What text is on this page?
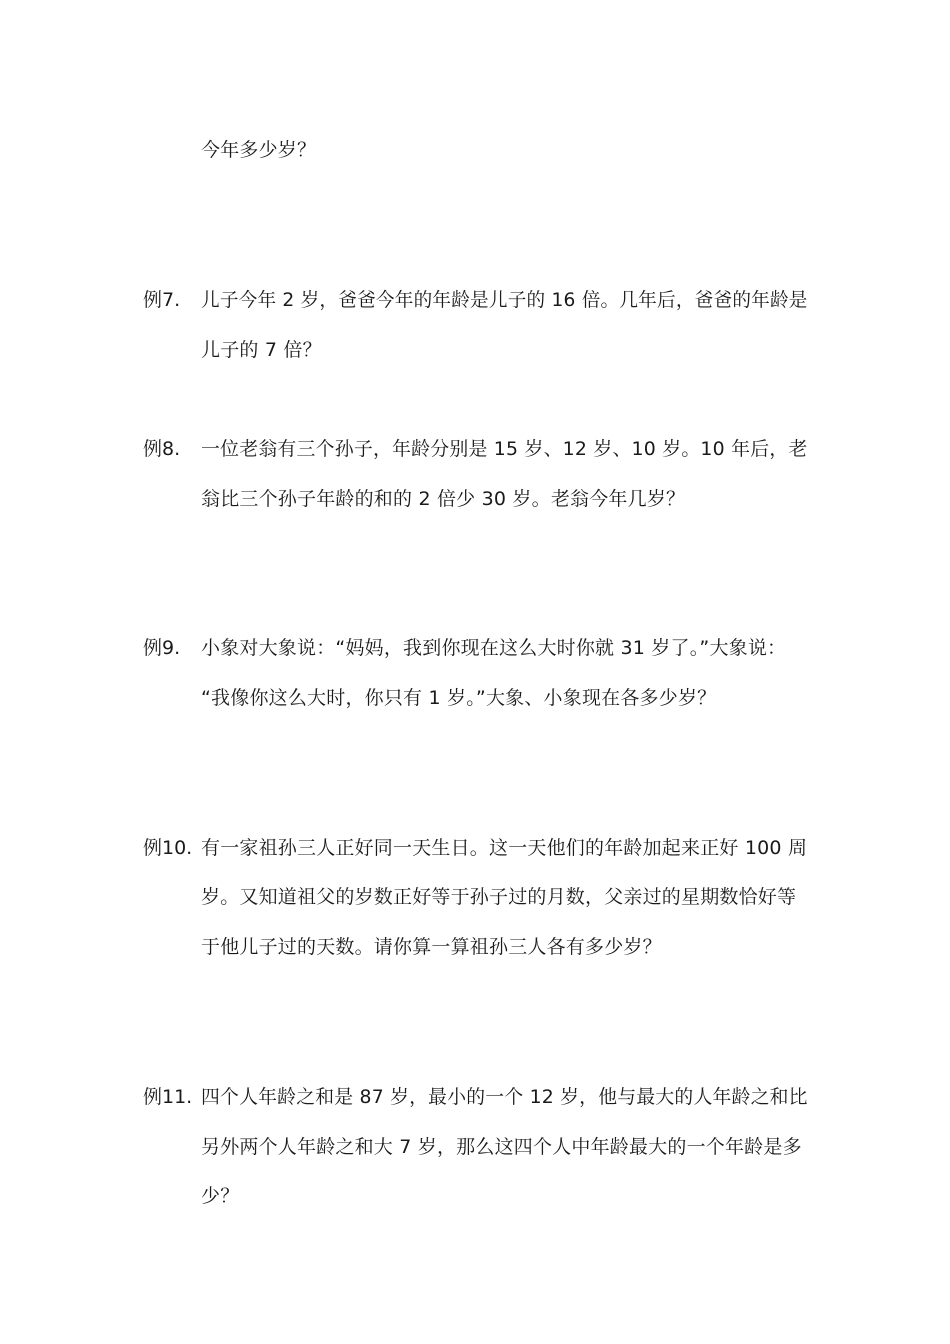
今年多少岁？
例7. 儿子今年 2 岁，爸爸今年的年龄是儿子的 16 倍。几年后，爸爸的年龄是
儿子的 7 倍？
例8. 一位老翁有三个孙子，年龄分别是 15 岁、12 岁、10 岁。10 年后，老
翁比三个孙子年龄的和的 2 倍少 30 岁。老翁今年几岁？
例9. 小象对大象说：“妈妈，我到你现在这么大时你就 31 岁了。”大象说：
“我像你这么大时，你只有 1 岁。”大象、小象现在各多少岁？
例10. 有一家祖孙三人正好同一天生日。这一天他们的年龄加起来正好 100 周
岁。又知道祖父的岁数正好等于孙子过的月数，父亲过的星期数恰好等
于他儿子过的天数。请你算一算祖孙三人各有多少岁？
例11. 四个人年龄之和是 87 岁，最小的一个 12 岁，他与最大的人年龄之和比
另外两个人年龄之和大 7 岁，那么这四个人中年龄最大的一个年龄是多
少？
